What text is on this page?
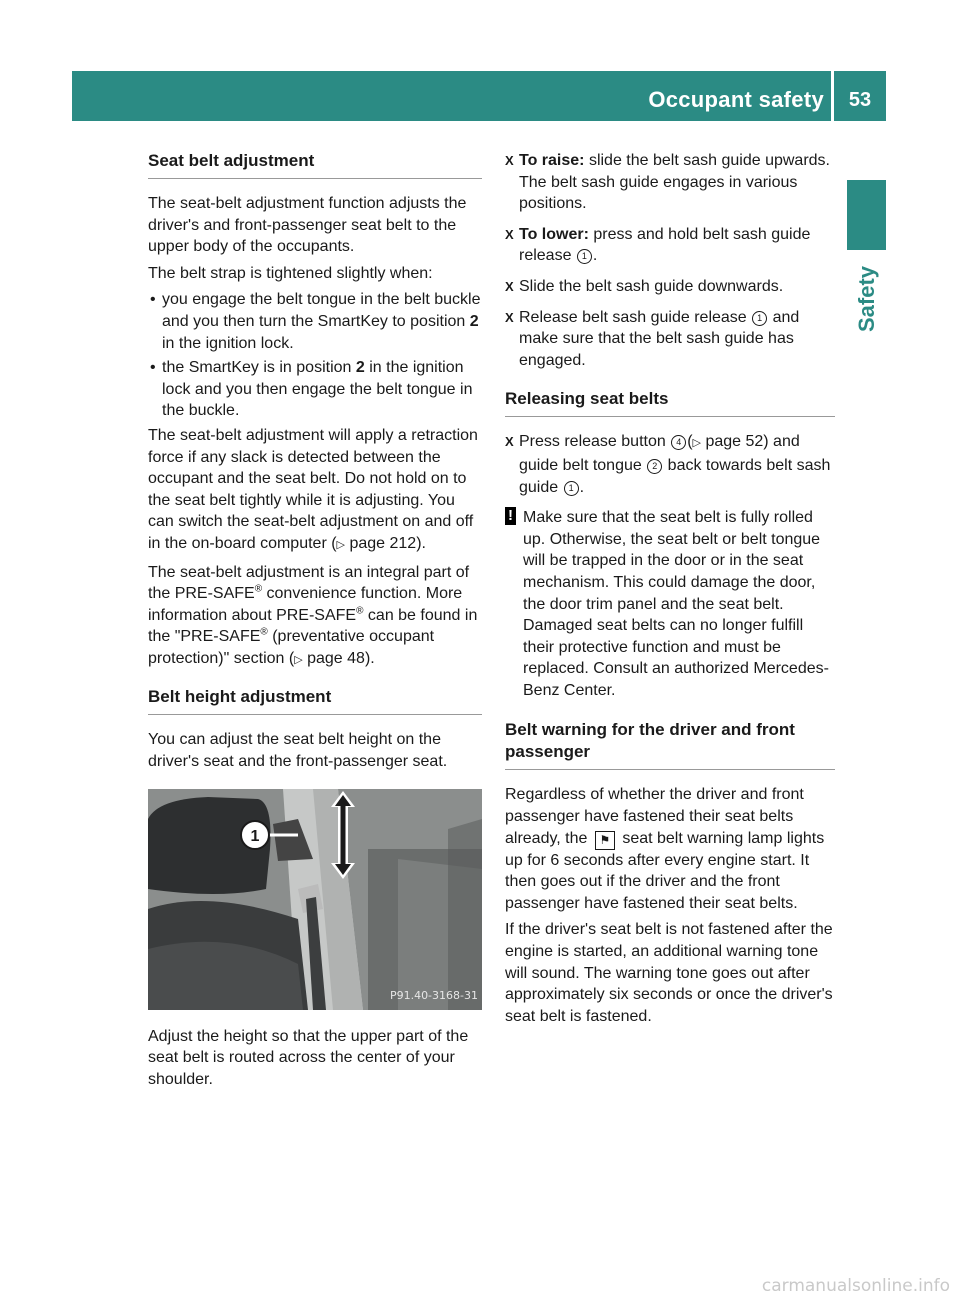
Occupant safety	53
Safety
Seat belt adjustment

The seat-belt adjustment function adjusts the driver's and front-passenger seat belt to the upper body of the occupants.

The belt strap is tightened slightly when:

• you engage the belt tongue in the belt buckle and you then turn the SmartKey to position 2 in the ignition lock.
• the SmartKey is in position 2 in the ignition lock and you then engage the belt tongue in the buckle.

The seat-belt adjustment will apply a retraction force if any slack is detected between the occupant and the seat belt. Do not hold on to the seat belt tightly while it is adjusting. You can switch the seat-belt adjustment on and off in the on-board computer (▷ page 212).

The seat-belt adjustment is an integral part of the PRE-SAFE® convenience function. More information about PRE-SAFE® can be found in the "PRE-SAFE® (preventative occupant protection)" section (▷ page 48).

Belt height adjustment

You can adjust the seat belt height on the driver's seat and the front-passenger seat.

1
P91.40-3168-31

Adjust the height so that the upper part of the seat belt is routed across the center of your shoulder.

X To raise: slide the belt sash guide upwards. The belt sash guide engages in various positions.
X To lower: press and hold belt sash guide release 1 .
X Slide the belt sash guide downwards.
X Release belt sash guide release 1 and make sure that the belt sash guide has engaged.
Releasing seat belts
X Press release button 4 (▷ page 52) and guide belt tongue 2 back towards belt sash guide 1 .
! Make sure that the seat belt is fully rolled up. Otherwise, the seat belt or belt tongue will be trapped in the door or in the seat mechanism. This could damage the door, the door trim panel and the seat belt. Damaged seat belts can no longer fulfill their protective function and must be replaced. Consult an authorized Mercedes-Benz Center.
Belt warning for the driver and front passenger

Regardless of whether the driver and front passenger have fastened their seat belts already, the ⚑ seat belt warning lamp lights up for 6 seconds after every engine start. It then goes out if the driver and the front passenger have fastened their seat belts.

If the driver's seat belt is not fastened after the engine is started, an additional warning tone will sound. The warning tone goes out after approximately six seconds or once the driver's seat belt is fastened.

carmanualsonline.info
